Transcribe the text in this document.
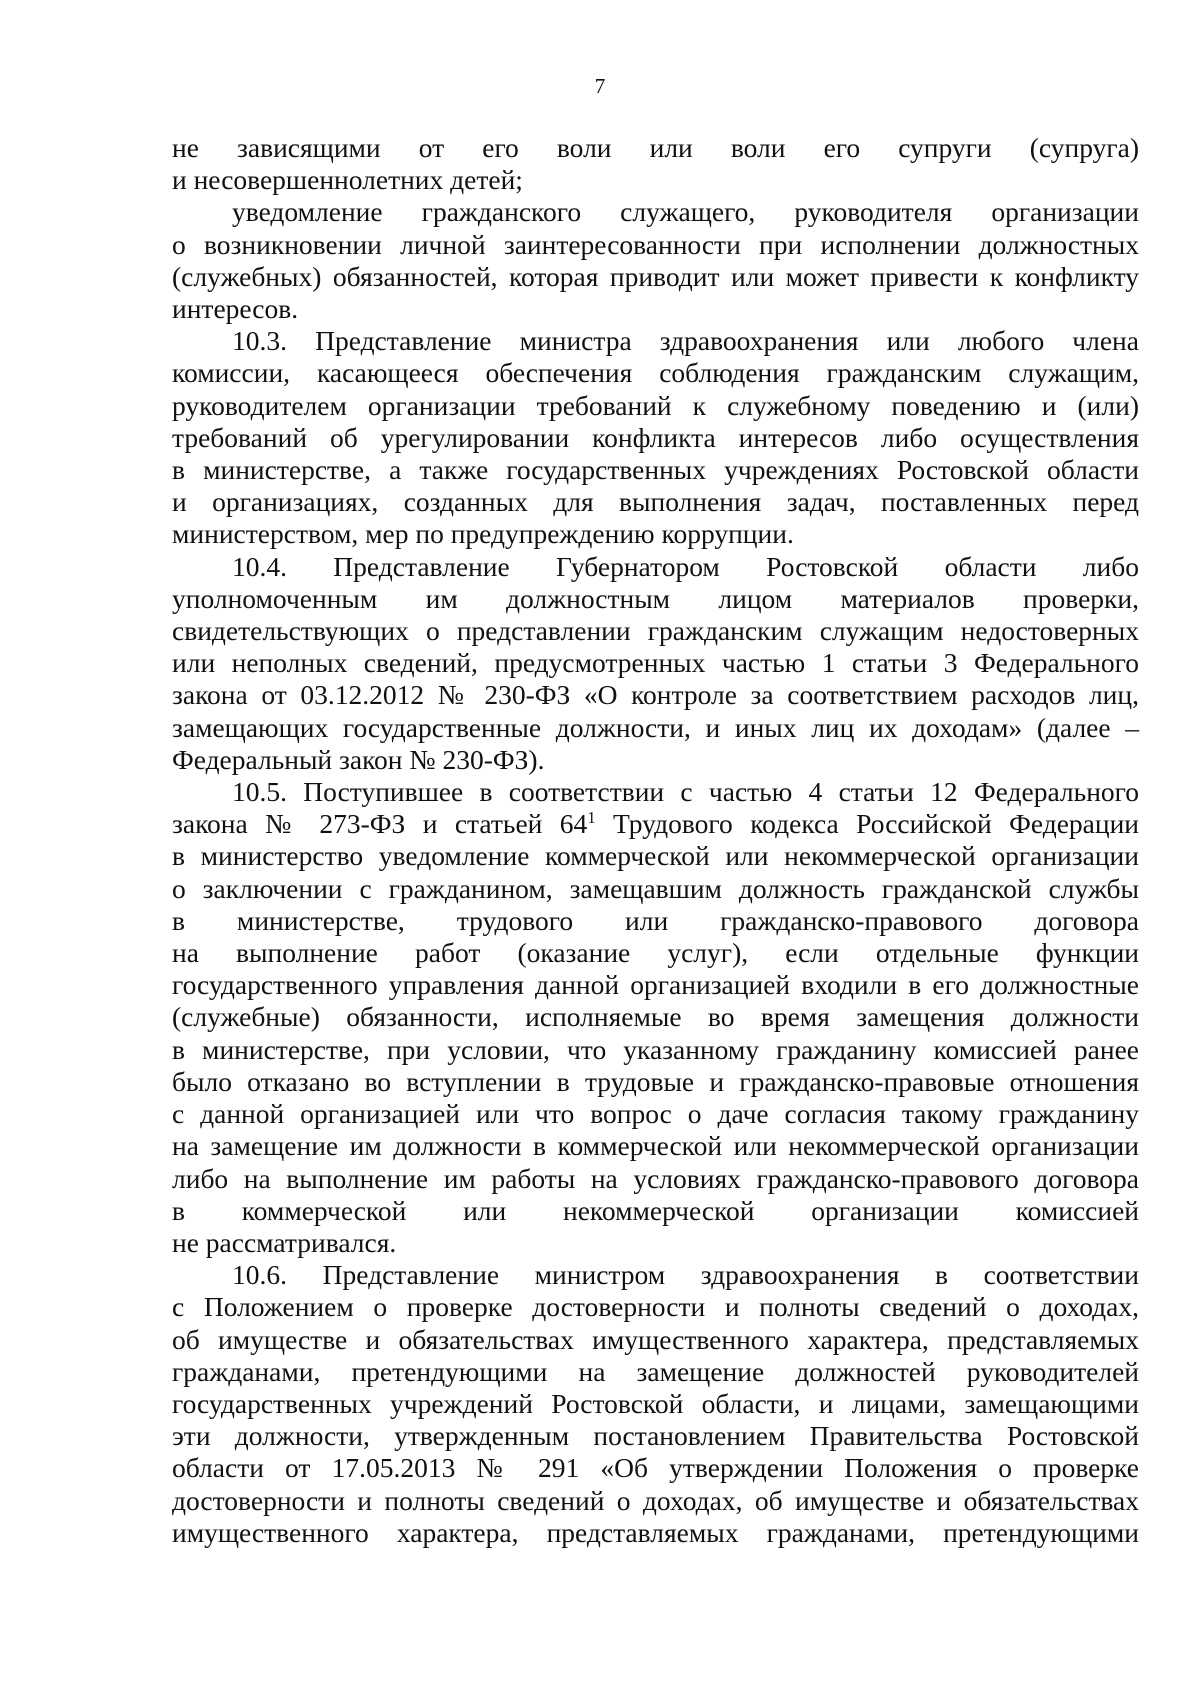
7
не зависящими от его воли или воли его супруги (супруга)
и несовершеннолетних детей;
уведомление гражданского служащего, руководителя организации
о возникновении личной заинтересованности при исполнении должностных
(служебных) обязанностей, которая приводит или может привести к конфликту
интересов.
10.3. Представление министра здравоохранения или любого члена
комиссии, касающееся обеспечения соблюдения гражданским служащим,
руководителем организации требований к служебному поведению и (или)
требований об урегулировании конфликта интересов либо осуществления
в министерстве, а также государственных учреждениях Ростовской области
и организациях, созданных для выполнения задач, поставленных перед
министерством, мер по предупреждению коррупции.
10.4. Представление Губернатором Ростовской области либо
уполномоченным им должностным лицом материалов проверки,
свидетельствующих о представлении гражданским служащим недостоверных
или неполных сведений, предусмотренных частью 1 статьи 3 Федерального
закона от 03.12.2012 № 230-ФЗ «О контроле за соответствием расходов лиц,
замещающих государственные должности, и иных лиц их доходам» (далее –
Федеральный закон № 230-ФЗ).
10.5. Поступившее в соответствии с частью 4 статьи 12 Федерального
закона № 273-ФЗ и статьей $64^1$ Трудового кодекса Российской Федерации
в министерство уведомление коммерческой или некоммерческой организации
о заключении с гражданином, замещавшим должность гражданской службы
в министерстве, трудового или гражданско-правового договора
на выполнение работ (оказание услуг), если отдельные функции
государственного управления данной организацией входили в его должностные
(служебные) обязанности, исполняемые во время замещения должности
в министерстве, при условии, что указанному гражданину комиссией ранее
было отказано во вступлении в трудовые и гражданско-правовые отношения
с данной организацией или что вопрос о даче согласия такому гражданину
на замещение им должности в коммерческой или некоммерческой организации
либо на выполнение им работы на условиях гражданско-правового договора
в коммерческой или некоммерческой организации комиссией
не рассматривался.
10.6. Представление министром здравоохранения в соответствии
с Положением о проверке достоверности и полноты сведений о доходах,
об имуществе и обязательствах имущественного характера, представляемых
гражданами, претендующими на замещение должностей руководителей
государственных учреждений Ростовской области, и лицами, замещающими
эти должности, утвержденным постановлением Правительства Ростовской
области от 17.05.2013 № 291 «Об утверждении Положения о проверке
достоверности и полноты сведений о доходах, об имуществе и обязательствах
имущественного характера, представляемых гражданами, претендующими
